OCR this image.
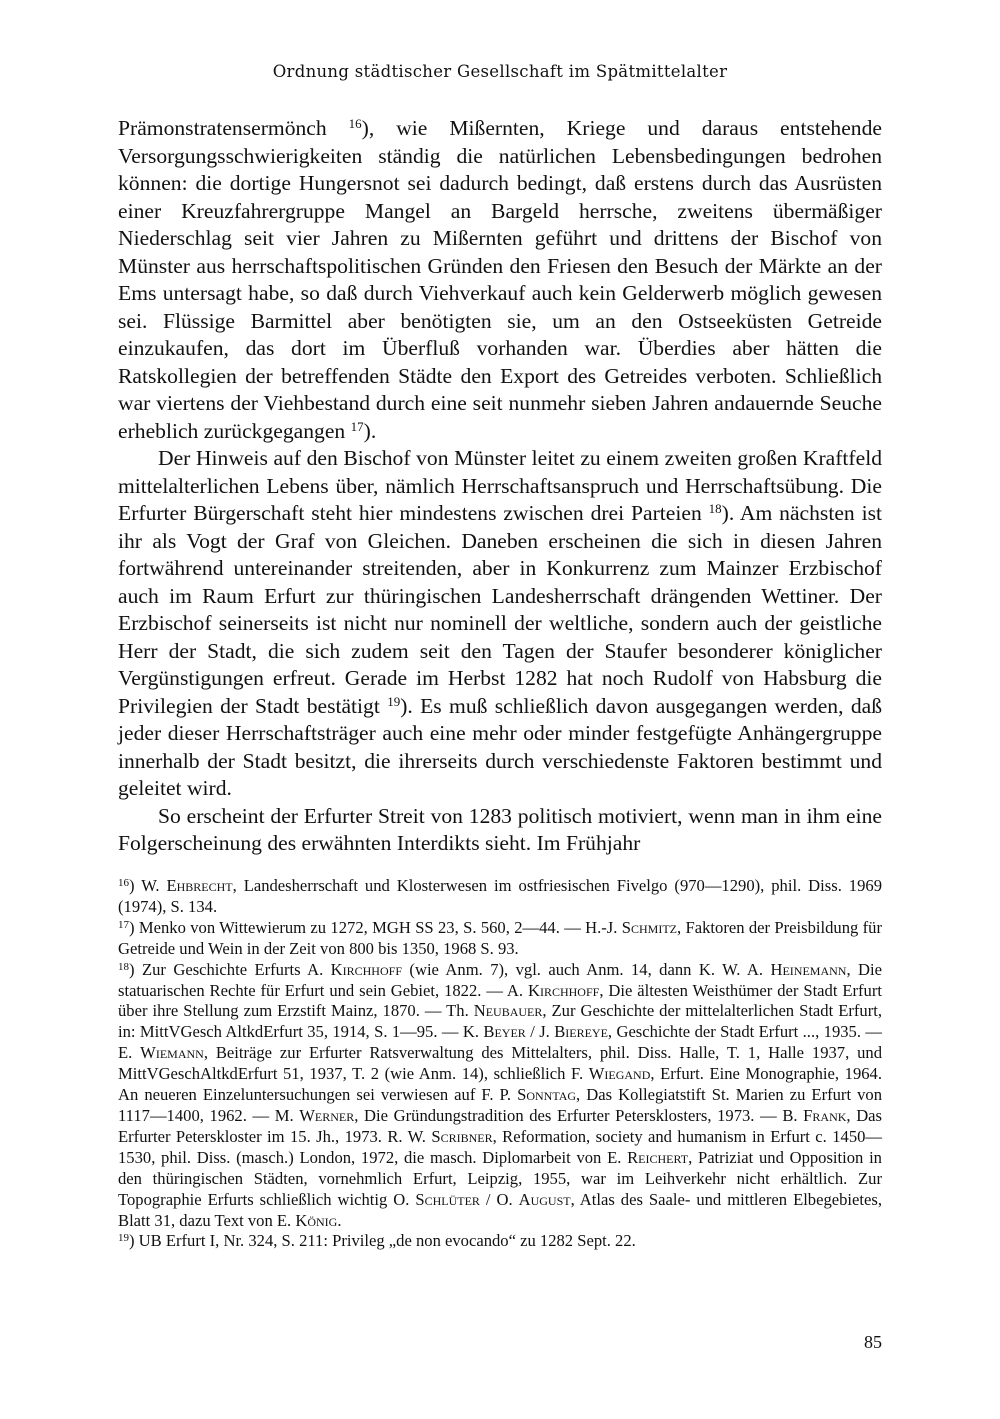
Ordnung städtischer Gesellschaft im Spätmittelalter

Prämonstratensermönch $^{16}$), wie Mißernten, Kriege und daraus entstehende Versorgungsschwierigkeiten ständig die natürlichen Lebensbedingungen bedrohen können: die dortige Hungersnot sei dadurch bedingt, daß erstens durch das Ausrüsten einer Kreuzfahrergruppe Mangel an Bargeld herrsche, zweitens übermäßiger Niederschlag seit vier Jahren zu Mißernten geführt und drittens der Bischof von Münster aus herrschaftspolitischen Gründen den Friesen den Besuch der Märkte an der Ems untersagt habe, so daß durch Viehverkauf auch kein Gelderwerb möglich gewesen sei. Flüssige Barmittel aber benötigten sie, um an den Ostseeküsten Getreide einzukaufen, das dort im Überfluß vorhanden war. Überdies aber hätten die Ratskollegien der betreffenden Städte den Export des Getreides verboten. Schließlich war viertens der Viehbestand durch eine seit nunmehr sieben Jahren andauernde Seuche erheblich zurückgegangen $^{17}$).

Der Hinweis auf den Bischof von Münster leitet zu einem zweiten großen Kraftfeld mittelalterlichen Lebens über, nämlich Herrschaftsanspruch und Herrschaftsübung. Die Erfurter Bürgerschaft steht hier mindestens zwischen drei Parteien $^{18}$). Am nächsten ist ihr als Vogt der Graf von Gleichen. Daneben erscheinen die sich in diesen Jahren fortwährend untereinander streitenden, aber in Konkurrenz zum Mainzer Erzbischof auch im Raum Erfurt zur thüringischen Landesherrschaft drängenden Wettiner. Der Erzbischof seinerseits ist nicht nur nominell der weltliche, sondern auch der geistliche Herr der Stadt, die sich zudem seit den Tagen der Staufer besonderer königlicher Vergünstigungen erfreut. Gerade im Herbst 1282 hat noch Rudolf von Habsburg die Privilegien der Stadt bestätigt $^{19}$). Es muß schließlich davon ausgegangen werden, daß jeder dieser Herrschaftsträger auch eine mehr oder minder festgefügte Anhängergruppe innerhalb der Stadt besitzt, die ihrerseits durch verschiedenste Faktoren bestimmt und geleitet wird.

So erscheint der Erfurter Streit von 1283 politisch motiviert, wenn man in ihm eine Folgerscheinung des erwähnten Interdikts sieht. Im Frühjahr

$^{16}$) W. Ehbrecht, Landesherrschaft und Klosterwesen im ostfriesischen Fivelgo (970—1290), phil. Diss. 1969 (1974), S. 134.

$^{17}$) Menko von Wittewierum zu 1272, MGH SS 23, S. 560, 2—44. — H.-J. Schmitz, Faktoren der Preisbildung für Getreide und Wein in der Zeit von 800 bis 1350, 1968 S. 93.

$^{18}$) Zur Geschichte Erfurts A. Kirchhoff (wie Anm. 7), vgl. auch Anm. 14, dann K. W. A. Heinemann, Die statuarischen Rechte für Erfurt und sein Gebiet, 1822. — A. Kirchhoff, Die ältesten Weisthümer der Stadt Erfurt über ihre Stellung zum Erzstift Mainz, 1870. — Th. Neubauer, Zur Geschichte der mittelalterlichen Stadt Erfurt, in: MittVGesch AltkdErfurt 35, 1914, S. 1—95. — K. Beyer / J. Biereye, Geschichte der Stadt Erfurt ..., 1935. — E. Wiemann, Beiträge zur Erfurter Ratsverwaltung des Mittelalters, phil. Diss. Halle, T. 1, Halle 1937, und MittVGeschAltkdErfurt 51, 1937, T. 2 (wie Anm. 14), schließlich F. Wiegand, Erfurt. Eine Monographie, 1964. An neueren Einzeluntersuchungen sei verwiesen auf F. P. Sonntag, Das Kollegiatstift St. Marien zu Erfurt von 1117—1400, 1962. — M. Werner, Die Gründungstradition des Erfurter Petersklosters, 1973. — B. Frank, Das Erfurter Peterskloster im 15. Jh., 1973. R. W. Scribner, Reformation, society and humanism in Erfurt c. 1450—1530, phil. Diss. (masch.) London, 1972, die masch. Diplomarbeit von E. Reichert, Patriziat und Opposition in den thüringischen Städten, vornehmlich Erfurt, Leipzig, 1955, war im Leihverkehr nicht erhältlich. Zur Topographie Erfurts schließlich wichtig O. Schlüter / O. August, Atlas des Saale- und mittleren Elbegebietes, Blatt 31, dazu Text von E. König.

$^{19}$) UB Erfurt I, Nr. 324, S. 211: Privileg „de non evocando“ zu 1282 Sept. 22.

85
